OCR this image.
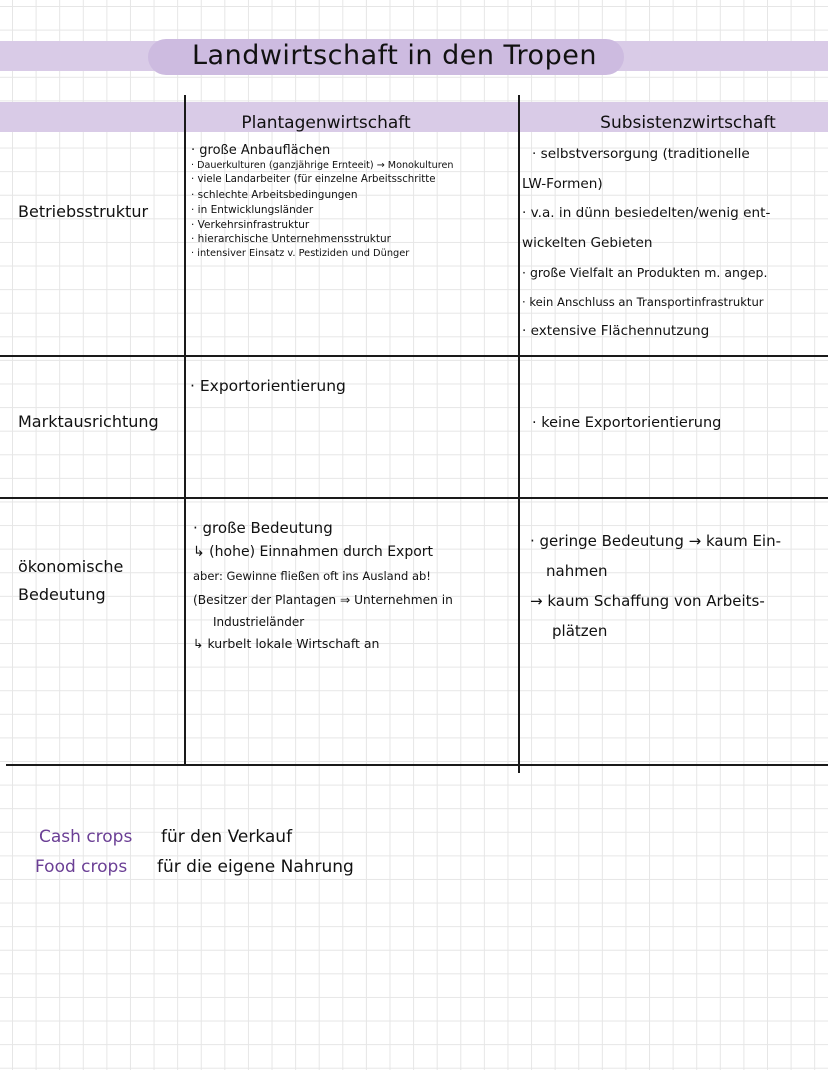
Landwirtschaft in den Tropen
Plantagenwirtschaft	Subsistenzwirtschaft
Betriebsstruktur
Marktausrichtung
ökonomische
Bedeutung
· große Anbauflächen
· Dauerkulturen (ganzjährige Ernteeit) → Monokulturen
· viele Landarbeiter (für einzelne Arbeitsschritte
· schlechte Arbeitsbedingungen
· in Entwicklungsländer
· Verkehrsinfrastruktur
· hierarchische Unternehmensstruktur
· intensiver Einsatz v. Pestiziden und Dünger
· selbstversorgung (traditionelle
LW-Formen)
· v.a. in dünn besiedelten/wenig ent-
wickelten Gebieten
· große Vielfalt an Produkten m. angep.
· kein Anschluss an Transportinfrastruktur
· extensive Flächennutzung
· Exportorientierung
· keine Exportorientierung
· große Bedeutung
↳ (hohe) Einnahmen durch Export
aber: Gewinne fließen oft ins Ausland ab!
(Besitzer der Plantagen ⇒ Unternehmen in
Industrieländer
↳ kurbelt lokale Wirtschaft an
· geringe Bedeutung → kaum Ein-
nahmen
→ kaum Schaffung von Arbeits-
plätzen
Cash crops für den Verkauf
Food crops für die eigene Nahrung
